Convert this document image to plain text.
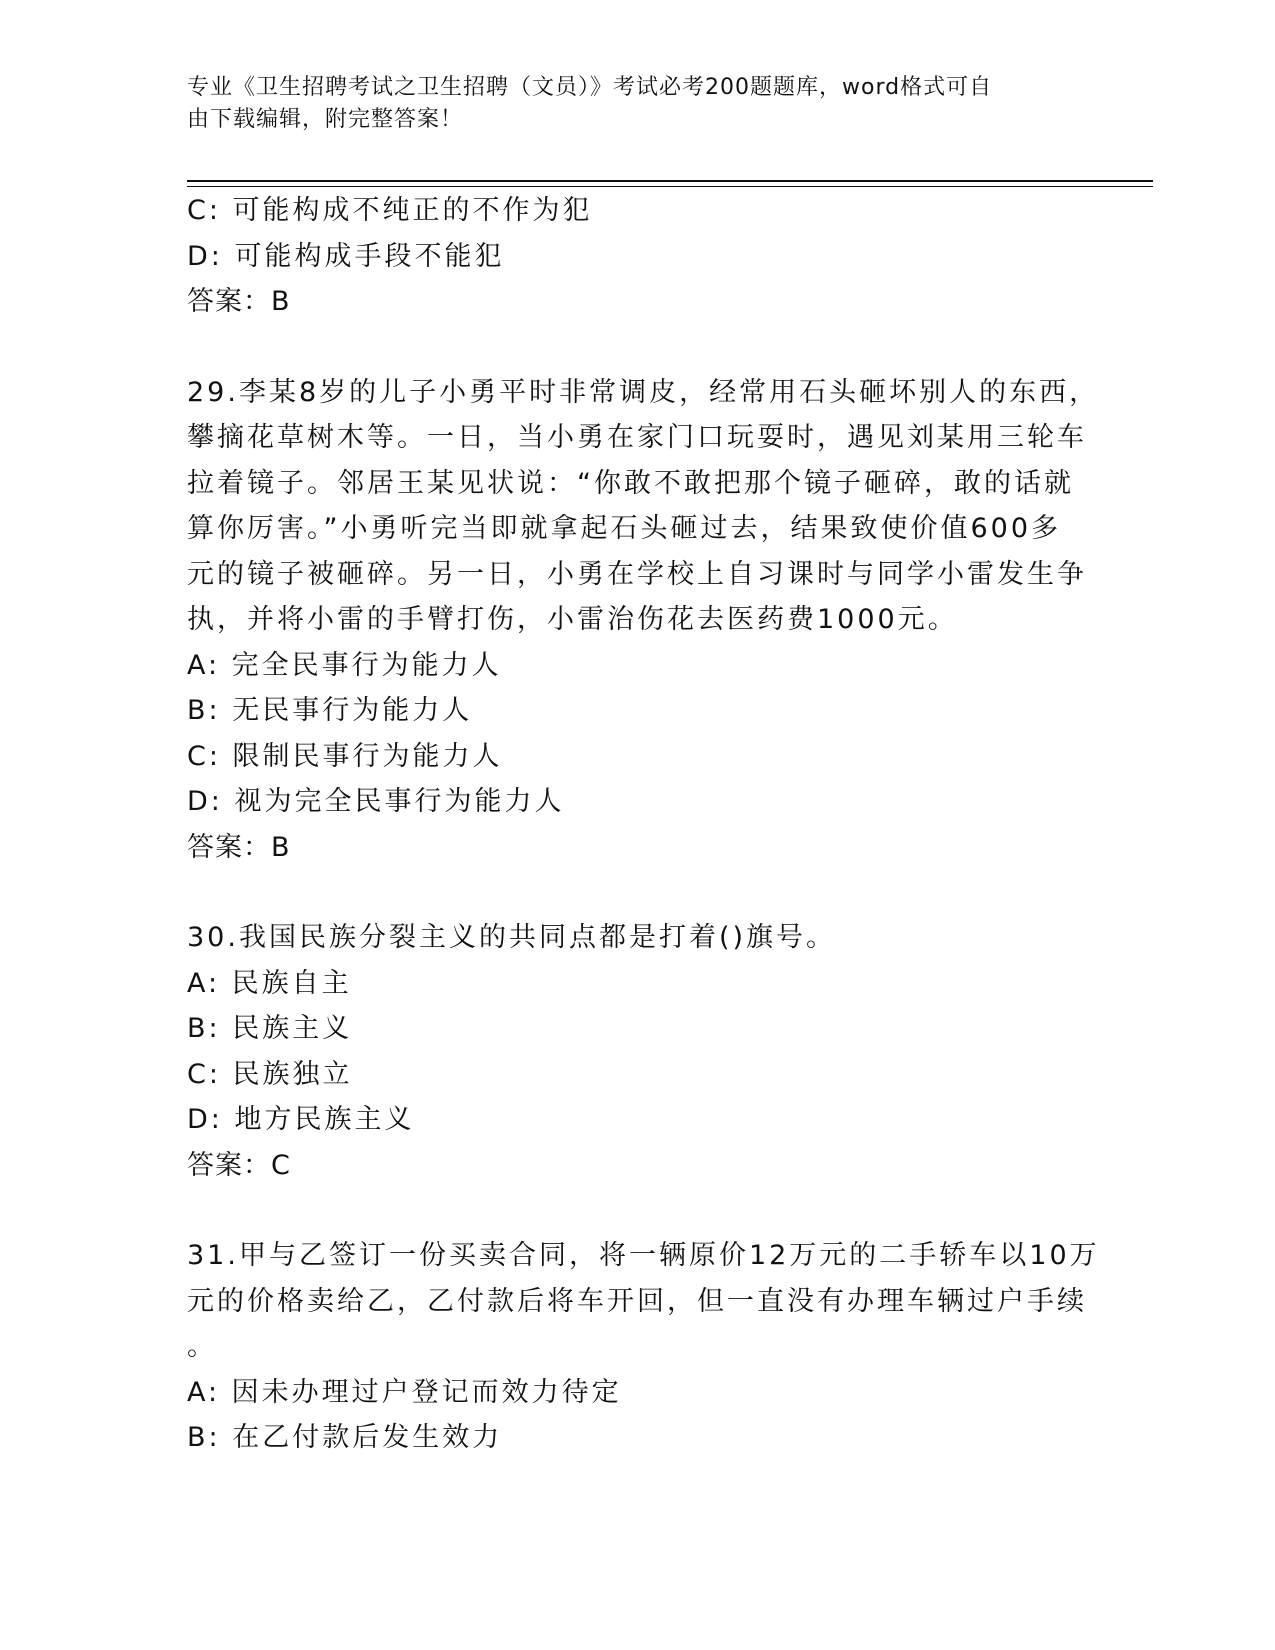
专业《卫生招聘考试之卫生招聘（文员）》考试必考200题题库，word格式可自
由下载编辑，附完整答案！
C: 可能构成不纯正的不作为犯
D: 可能构成手段不能犯
答案：B
29.李某8岁的儿子小勇平时非常调皮，经常用石头砸坏别人的东西，
攀摘花草树木等。一日，当小勇在家门口玩耍时，遇见刘某用三轮车
拉着镜子。邻居王某见状说：“你敢不敢把那个镜子砸碎，敢的话就
算你厉害。”小勇听完当即就拿起石头砸过去，结果致使价值600多
元的镜子被砸碎。另一日，小勇在学校上自习课时与同学小雷发生争
执，并将小雷的手臂打伤，小雷治伤花去医药费1000元。
A: 完全民事行为能力人
B: 无民事行为能力人
C: 限制民事行为能力人
D: 视为完全民事行为能力人
答案：B
30.我国民族分裂主义的共同点都是打着()旗号。
A: 民族自主
B: 民族主义
C: 民族独立
D: 地方民族主义
答案：C
31.甲与乙签订一份买卖合同，将一辆原价12万元的二手轿车以10万
元的价格卖给乙，乙付款后将车开回，但一直没有办理车辆过户手续
。
A: 因未办理过户登记而效力待定
B: 在乙付款后发生效力
